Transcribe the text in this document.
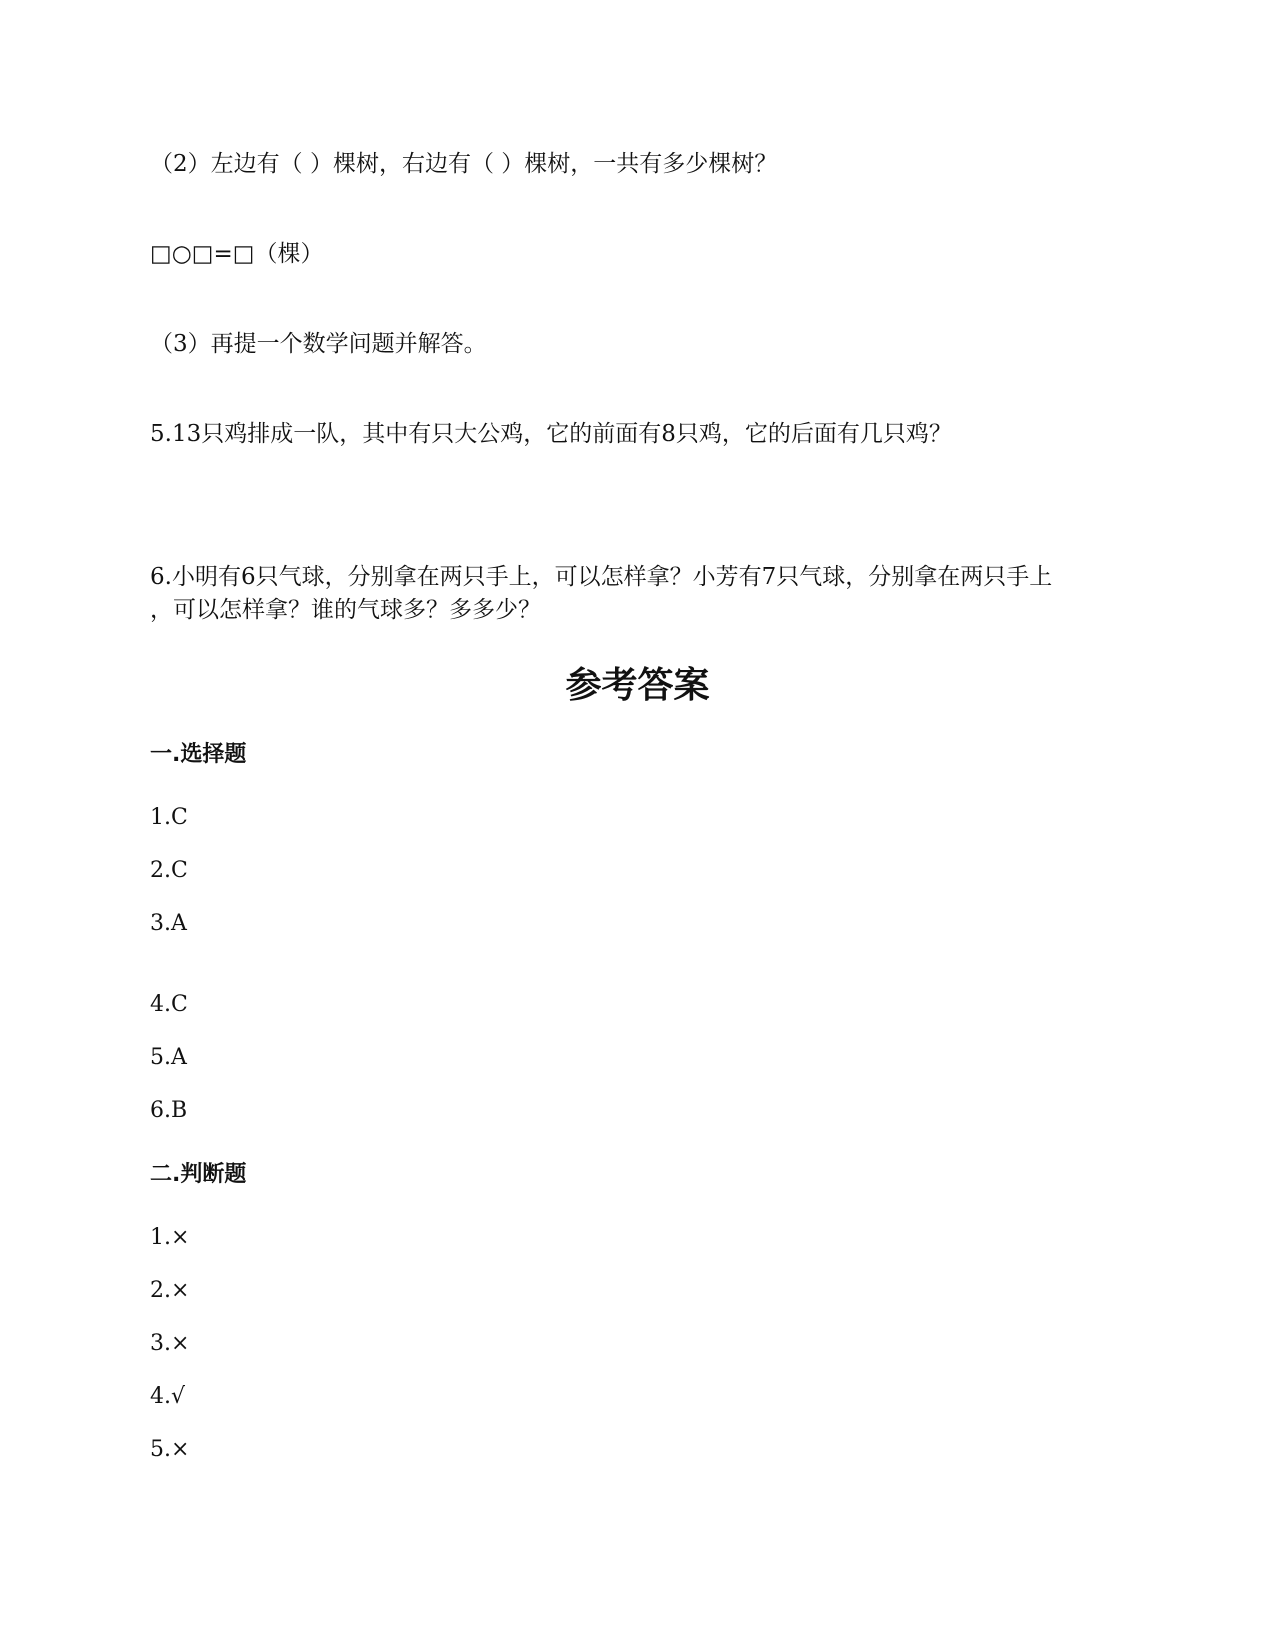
（2）左边有（ ）棵树，右边有（ ）棵树，一共有多少棵树？
□○□=□（棵）
（3）再提一个数学问题并解答。
5.13只鸡排成一队，其中有只大公鸡，它的前面有8只鸡，它的后面有几只鸡？
6.小明有6只气球，分别拿在两只手上，可以怎样拿？小芳有7只气球，分别拿在两只手上
，可以怎样拿？谁的气球多？多多少？
参考答案
一.选择题
1.C
2.C
3.A
4.C
5.A
6.B
二.判断题
1.×
2.×
3.×
4.√
5.×
